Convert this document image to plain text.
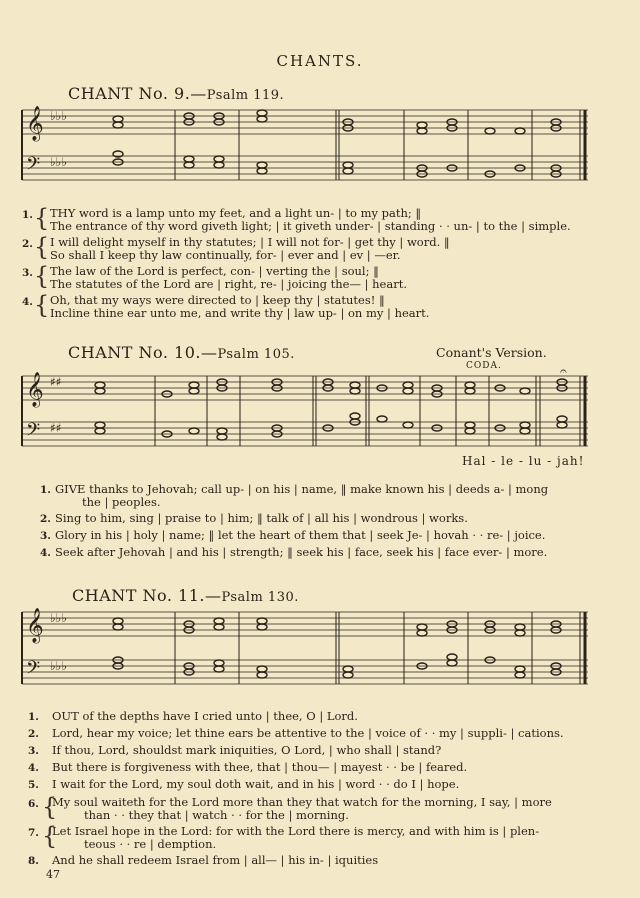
CHANTS.
CHANT No. 9.—Psalm 119.
𝄞
𝄢
♭♭♭
♭♭♭
1. { THY word is a lamp unto my feet, and a light un- | to my path; ‖
The entrance of thy word giveth light; | it giveth under- | standing · · un- | to the | simple.
2. { I will delight myself in thy statutes; | I will not for- | get thy | word. ‖
So shall I keep thy law continually, for- | ever and | ev | —er.
3. { The law of the Lord is perfect, con- | verting the | soul; ‖
The statutes of the Lord are | right, re- | joicing the— | heart.
4. { Oh, that my ways were directed to | keep thy | statutes! ‖
Incline thine ear unto me, and write thy | law up- | on my | heart.
CHANT No. 10.—Psalm 105.	Conant's Version.
CODA.
𝄞
𝄢
♯♯
♯♯
𝄐
Hal - le - lu - jah!
1. GIVE thanks to Jehovah; call up- | on his | name, ‖ make known his | deeds a- | mong
the | peoples.
2. Sing to him, sing | praise to | him; ‖ talk of | all his | wondrous | works.
3. Glory in his | holy | name; ‖ let the heart of them that | seek Je- | hovah · · re- | joice.
4. Seek after Jehovah | and his | strength; ‖ seek his | face, seek his | face ever- | more.
CHANT No. 11.—Psalm 130.
𝄞
𝄢
♭♭♭
♭♭♭
1. OUT of the depths have I cried unto | thee, O | Lord.
2. Lord, hear my voice; let thine ears be attentive to the | voice of · · my | suppli- | cations.
3. If thou, Lord, shouldst mark iniquities, O Lord, | who shall | stand?
4. But there is forgiveness with thee, that | thou— | mayest · · be | feared.
5. I wait for the Lord, my soul doth wait, and in his | word · · do I | hope.
6. {
My soul waiteth for the Lord more than they that watch for the morning, I say, | more
than · · they that | watch · · for the | morning.
7. {
Let Israel hope in the Lord: for with the Lord there is mercy, and with him is | plen-
teous · · re | demption.
8. And he shall redeem Israel from | all— | his in- | iquities
47
